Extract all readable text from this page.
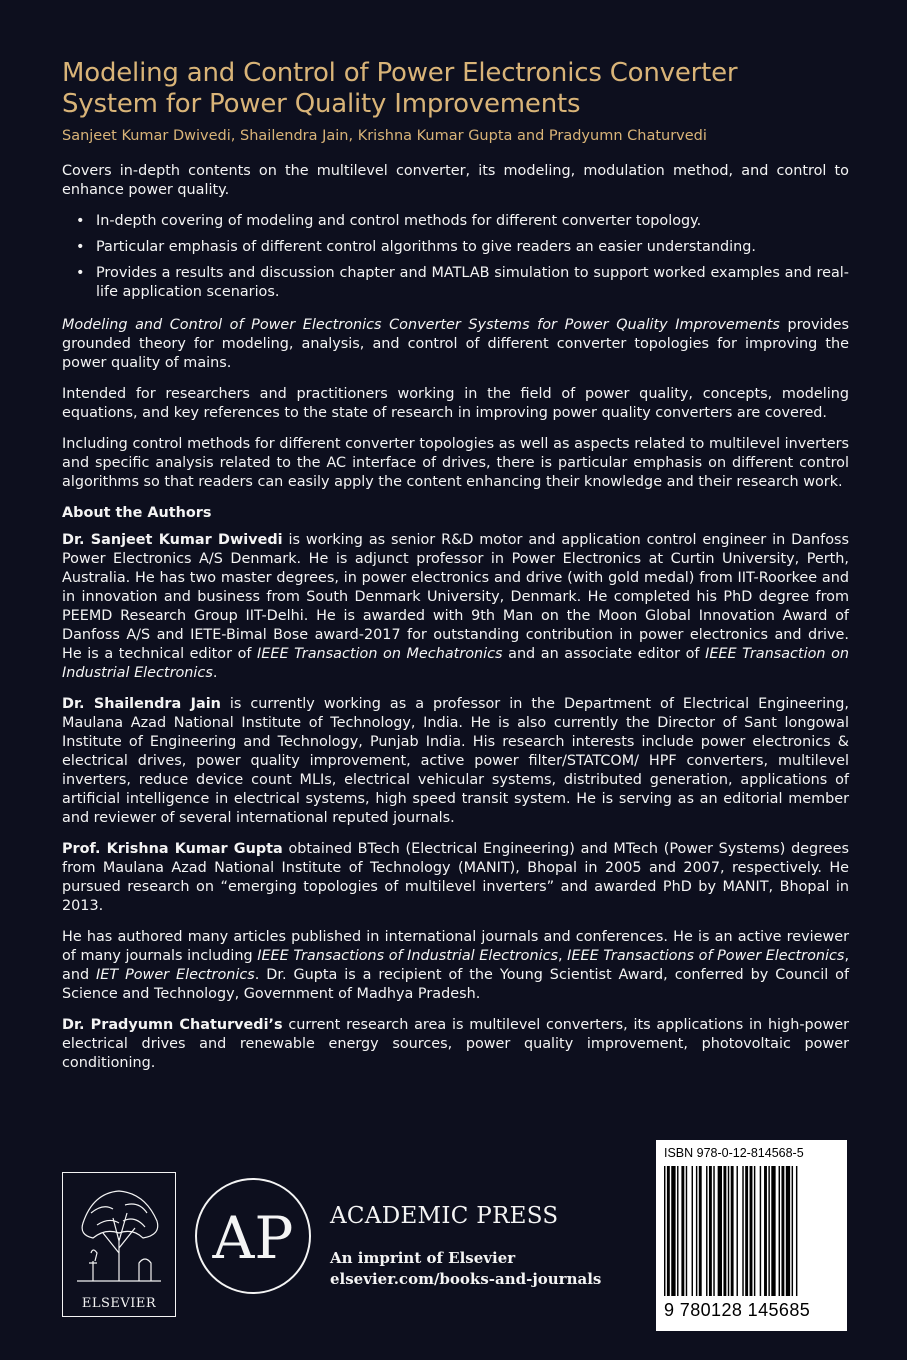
Modeling and Control of Power Electronics Converter
System for Power Quality Improvements
Sanjeet Kumar Dwivedi, Shailendra Jain, Krishna Kumar Gupta and Pradyumn Chaturvedi

Covers in-depth contents on the multilevel converter, its modeling, modulation method, and control to enhance power quality.

• In-depth covering of modeling and control methods for different converter topology.
• Particular emphasis of different control algorithms to give readers an easier understanding.
• Provides a results and discussion chapter and MATLAB simulation to support worked examples and real-life application scenarios.

Modeling and Control of Power Electronics Converter Systems for Power Quality Improvements provides grounded theory for modeling, analysis, and control of different converter topologies for improving the power quality of mains.

Intended for researchers and practitioners working in the field of power quality, concepts, modeling equations, and key references to the state of research in improving power quality converters are covered.

Including control methods for different converter topologies as well as aspects related to multilevel inverters and specific analysis related to the AC interface of drives, there is particular emphasis on different control algorithms so that readers can easily apply the content enhancing their knowledge and their research work.

About the Authors

Dr. Sanjeet Kumar Dwivedi is working as senior R&D motor and application control engineer in Danfoss Power Electronics A/S Denmark. He is adjunct professor in Power Electronics at Curtin University, Perth, Australia. He has two master degrees, in power electronics and drive (with gold medal) from IIT-Roorkee and in innovation and business from South Denmark University, Denmark. He completed his PhD degree from PEEMD Research Group IIT-Delhi. He is awarded with 9th Man on the Moon Global Innovation Award of Danfoss A/S and IETE-Bimal Bose award-2017 for outstanding contribution in power electronics and drive. He is a technical editor of IEEE Transaction on Mechatronics and an associate editor of IEEE Transaction on Industrial Electronics.

Dr. Shailendra Jain is currently working as a professor in the Department of Electrical Engineering, Maulana Azad National Institute of Technology, India. He is also currently the Director of Sant longowal Institute of Engineering and Technology, Punjab India. His research interests include power electronics & electrical drives, power quality improvement, active power filter/STATCOM/ HPF converters, multilevel inverters, reduce device count MLIs, electrical vehicular systems, distributed generation, applications of artificial intelligence in electrical systems, high speed transit system. He is serving as an editorial member and reviewer of several international reputed journals.

Prof. Krishna Kumar Gupta obtained BTech (Electrical Engineering) and MTech (Power Systems) degrees from Maulana Azad National Institute of Technology (MANIT), Bhopal in 2005 and 2007, respectively. He pursued research on “emerging topologies of multilevel inverters” and awarded PhD by MANIT, Bhopal in 2013.

He has authored many articles published in international journals and conferences. He is an active reviewer of many journals including IEEE Transactions of Industrial Electronics, IEEE Transactions of Power Electronics, and IET Power Electronics. Dr. Gupta is a recipient of the Young Scientist Award, conferred by Council of Science and Technology, Government of Madhya Pradesh.

Dr. Pradyumn Chaturvedi’s current research area is multilevel converters, its applications in high-power electrical drives and renewable energy sources, power quality improvement, photovoltaic power conditioning.

ELSEVIER
AP ACADEMIC PRESS
An imprint of Elsevier
elsevier.com/books-and-journals
ISBN 978-0-12-814568-5
9 780128 145685
